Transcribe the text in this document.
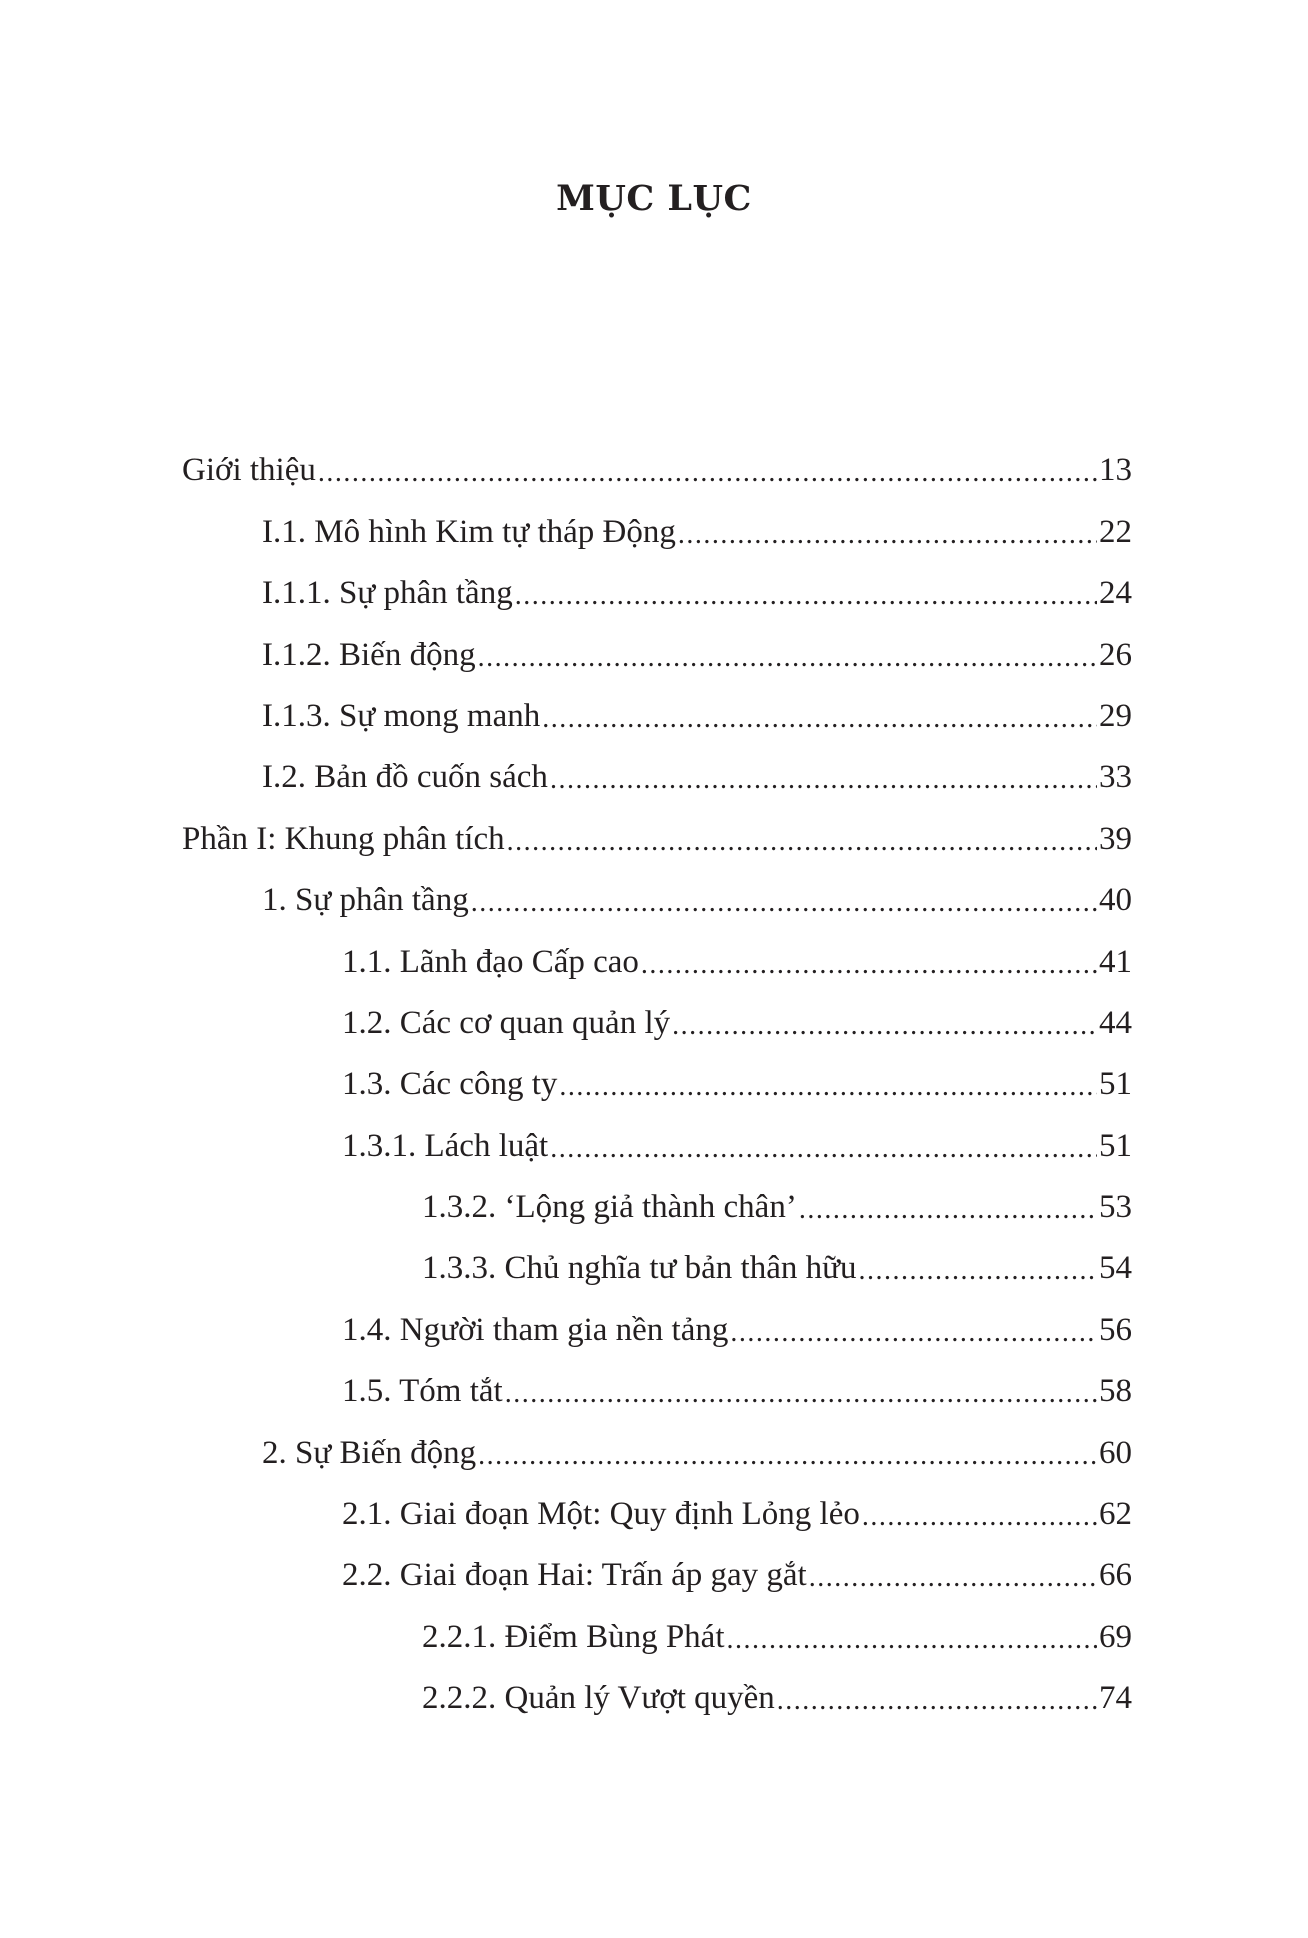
MỤC LỤC
Giới thiệu .....	13
I.1. Mô hình Kim tự tháp Động .....	22
I.1.1. Sự phân tầng .....	24
I.1.2. Biến động .....	26
I.1.3. Sự mong manh .....	29
I.2. Bản đồ cuốn sách .....	33
Phần I: Khung phân tích .....	39
1. Sự phân tầng .....	40
1.1. Lãnh đạo Cấp cao .....	41
1.2. Các cơ quan quản lý .....	44
1.3. Các công ty .....	51
1.3.1. Lách luật .....	51
1.3.2. ‘Lộng giả thành chân’ .....	53
1.3.3. Chủ nghĩa tư bản thân hữu .....	54
1.4. Người tham gia nền tảng .....	56
1.5. Tóm tắt .....	58
2. Sự Biến động .....	60
2.1. Giai đoạn Một: Quy định Lỏng lẻo .....	62
2.2. Giai đoạn Hai: Trấn áp gay gắt .....	66
2.2.1. Điểm Bùng Phát .....	69
2.2.2. Quản lý Vượt quyền .....	74
